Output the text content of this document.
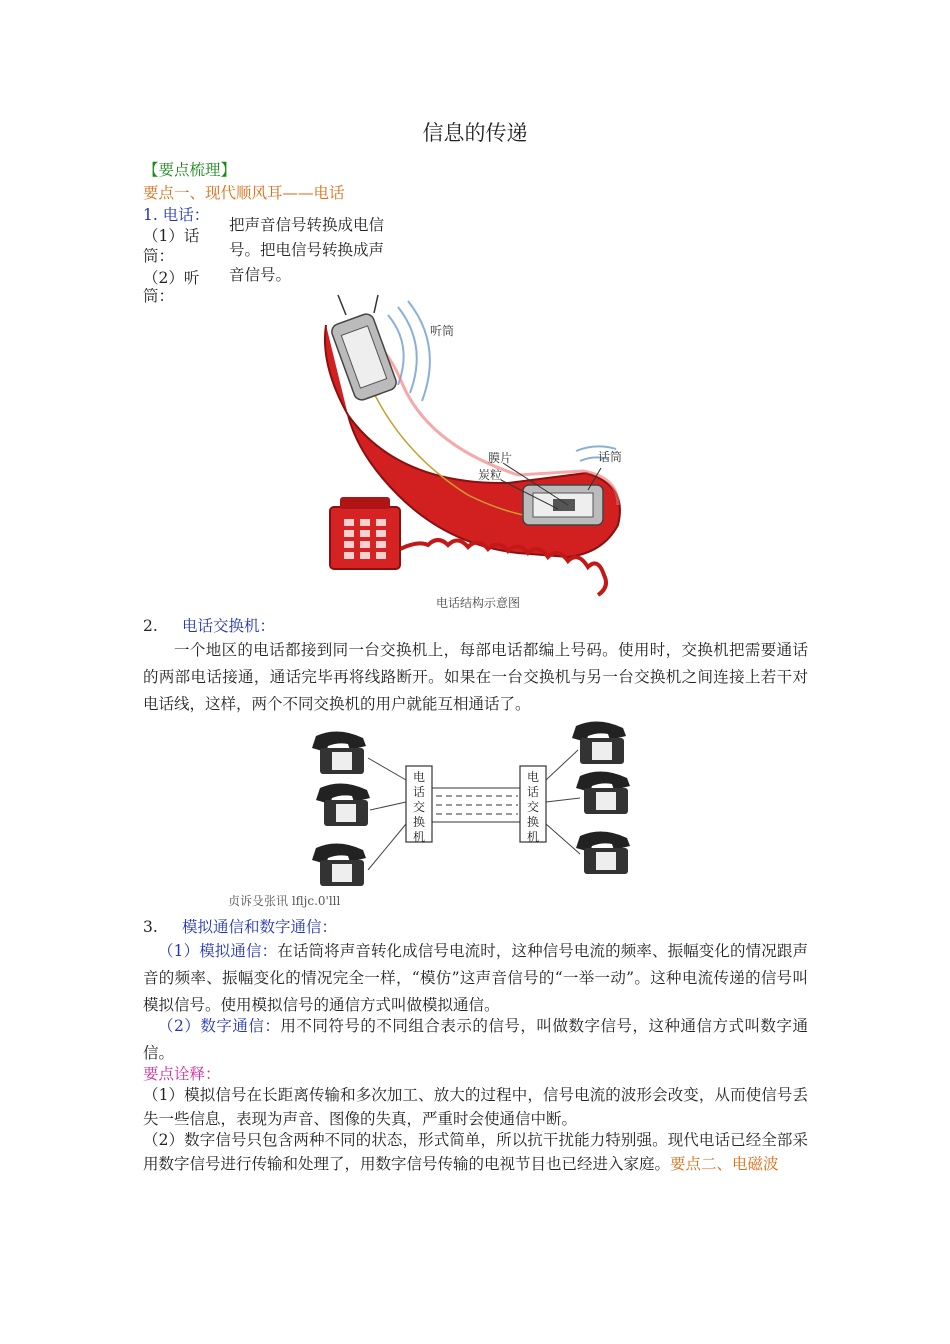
信息的传递
【要点梳理】
要点一、现代顺风耳——电话
1. 电话：
（1）话
筒：
（2）听
筒：
把声音信号转换成电信
号。把电信号转换成声
音信号。
听筒
膜片
炭粒
话筒
电话结构示意图
2. 电话交换机：
一个地区的电话都接到同一台交换机上，每部电话都编上号码。使用时，交换机把需要通话的两部电话接通，通话完毕再将线路断开。如果在一台交换机与另一台交换机之间连接上若干对电话线，这样，两个不同交换机的用户就能互相通话了。
电
话
交
换
机
电
话
交
换
机
贞诉殳张讯 lfljc.0'lll
3. 模拟通信和数字通信：

（1）模拟通信：在话筒将声音转化成信号电流时，这种信号电流的频率、振幅变化的情况跟声音的频率、振幅变化的情况完全一样，“模仿”这声音信号的“一举一动”。这种电流传递的信号叫模拟信号。使用模拟信号的通信方式叫做模拟通信。

（2）数字通信：用不同符号的不同组合表示的信号，叫做数字信号，这种通信方式叫数字通信。

要点诠释：
（1）模拟信号在长距离传输和多次加工、放大的过程中，信号电流的波形会改变，从而使信号丢失一些信息，表现为声音、图像的失真，严重时会使通信中断。

（2）数字信号只包含两种不同的状态，形式简单，所以抗干扰能力特别强。现代电话已经全部采用数字信号进行传输和处理了，用数字信号传输的电视节目也已经进入家庭。要点二、电磁波
